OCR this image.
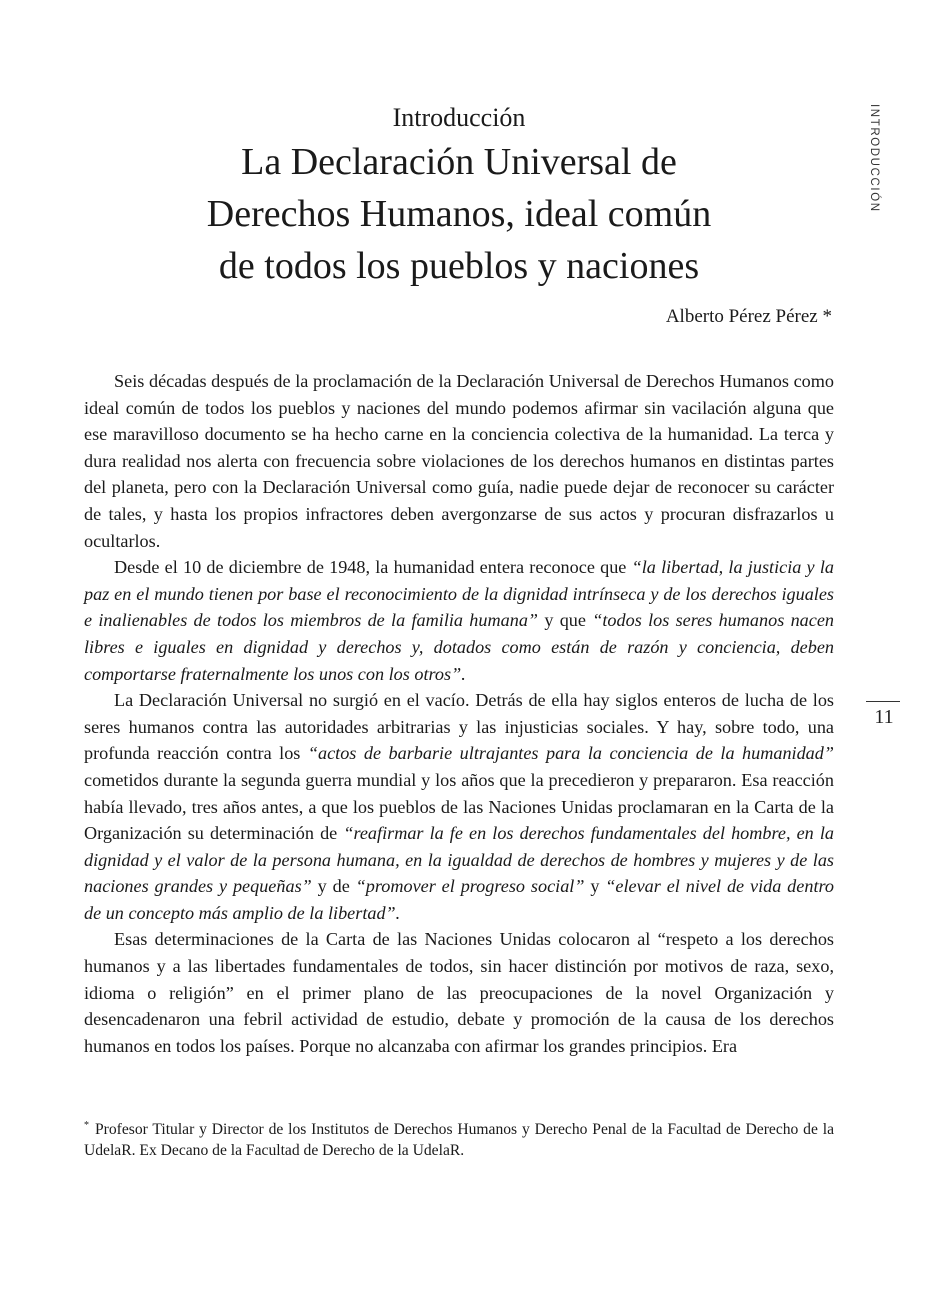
INTRODUCCIÓN
11
Introducción
La Declaración Universal de
Derechos Humanos, ideal común
de todos los pueblos y naciones
Alberto Pérez Pérez *

Seis décadas después de la proclamación de la Declaración Universal de Derechos Humanos como ideal común de todos los pueblos y naciones del mundo podemos afirmar sin vacilación alguna que ese maravilloso documento se ha hecho carne en la conciencia colectiva de la humanidad. La terca y dura realidad nos alerta con frecuencia sobre violaciones de los derechos humanos en distintas partes del planeta, pero con la Declaración Universal como guía, nadie puede dejar de reconocer su carácter de tales, y hasta los propios infractores deben avergonzarse de sus actos y procuran disfrazarlos u ocultarlos.

Desde el 10 de diciembre de 1948, la humanidad entera reconoce que “la libertad, la justicia y la paz en el mundo tienen por base el reconocimiento de la dignidad intrínseca y de los derechos iguales e inalienables de todos los miembros de la familia humana” y que “todos los seres humanos nacen libres e iguales en dignidad y derechos y, dotados como están de razón y conciencia, deben comportarse fraternalmente los unos con los otros”.

La Declaración Universal no surgió en el vacío. Detrás de ella hay siglos enteros de lucha de los seres humanos contra las autoridades arbitrarias y las injusticias sociales. Y hay, sobre todo, una profunda reacción contra los “actos de barbarie ultrajantes para la conciencia de la humanidad” cometidos durante la segunda guerra mundial y los años que la precedieron y prepararon. Esa reacción había llevado, tres años antes, a que los pueblos de las Naciones Unidas proclamaran en la Carta de la Organización su determinación de “reafirmar la fe en los derechos fundamentales del hombre, en la dignidad y el valor de la persona humana, en la igualdad de derechos de hombres y mujeres y de las naciones grandes y pequeñas” y de “promover el progreso social” y “elevar el nivel de vida dentro de un concepto más amplio de la libertad”.

Esas determinaciones de la Carta de las Naciones Unidas colocaron al “respeto a los derechos humanos y a las libertades fundamentales de todos, sin hacer distinción por motivos de raza, sexo, idioma o religión” en el primer plano de las preocupaciones de la novel Organización y desencadenaron una febril actividad de estudio, debate y promoción de la causa de los derechos humanos en todos los países. Porque no alcanzaba con afirmar los grandes principios. Era

* Profesor Titular y Director de los Institutos de Derechos Humanos y Derecho Penal de la Facultad de Derecho de la UdelaR. Ex Decano de la Facultad de Derecho de la UdelaR.
